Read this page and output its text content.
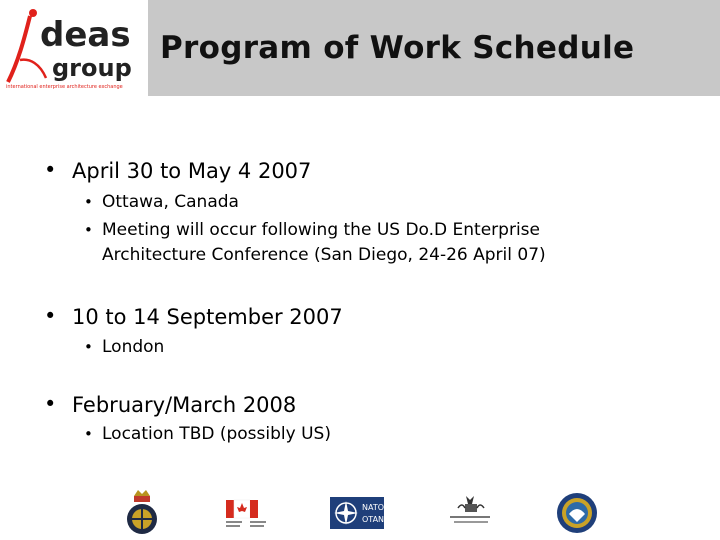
deas
group
international enterprise architecture exchange
Program of Work Schedule
• April 30 to May 4 2007
• Ottawa, Canada
• Meeting will occur following the US Do.D Enterprise
Architecture Conference (San Diego, 24-26 April 07)
• 10 to 14 September 2007
• London
• February/March 2008
• Location TBD (possibly US)
NATO
OTAN
